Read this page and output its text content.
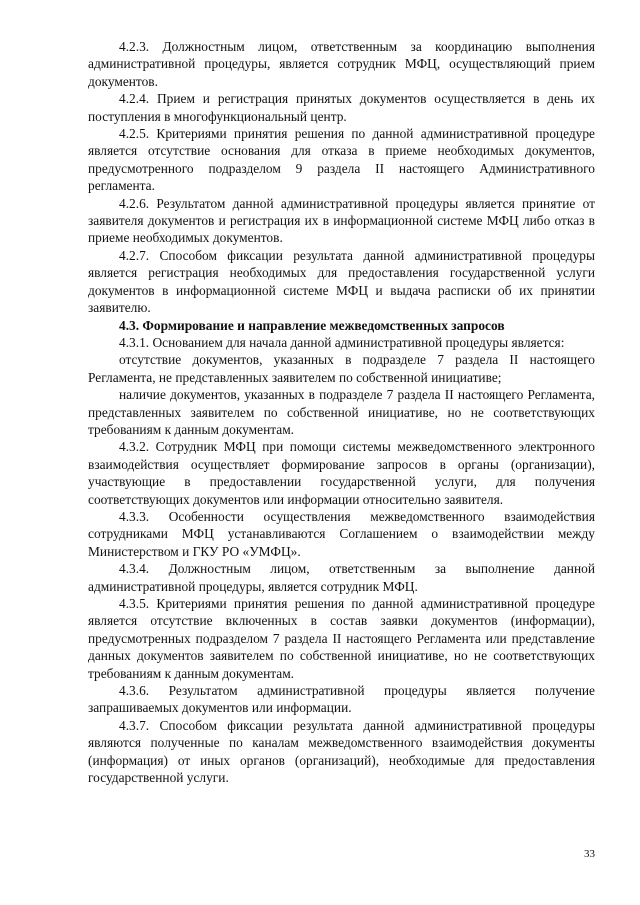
4.2.3. Должностным лицом, ответственным за координацию выполнения административной процедуры, является сотрудник МФЦ, осуществляющий прием документов.

4.2.4. Прием и регистрация принятых документов осуществляется в день их поступления в многофункциональный центр.

4.2.5. Критериями принятия решения по данной административной процедуре является отсутствие основания для отказа в приеме необходимых документов, предусмотренного подразделом 9 раздела II настоящего Административного регламента.

4.2.6. Результатом данной административной процедуры является принятие от заявителя документов и регистрация их в информационной системе МФЦ либо отказ в приеме необходимых документов.

4.2.7. Способом фиксации результата данной административной процедуры является регистрация необходимых для предоставления государственной услуги документов в информационной системе МФЦ и выдача расписки об их принятии заявителю.

4.3. Формирование и направление межведомственных запросов

4.3.1. Основанием для начала данной административной процедуры является:

отсутствие документов, указанных в подразделе 7 раздела II настоящего Регламента, не представленных заявителем по собственной инициативе;

наличие документов, указанных в подразделе 7 раздела II настоящего Регламента, представленных заявителем по собственной инициативе, но не соответствующих требованиям к данным документам.

4.3.2. Сотрудник МФЦ при помощи системы межведомственного электронного взаимодействия осуществляет формирование запросов в органы (организации), участвующие в предоставлении государственной услуги, для получения соответствующих документов или информации относительно заявителя.

4.3.3. Особенности осуществления межведомственного взаимодействия сотрудниками МФЦ устанавливаются Соглашением о взаимодействии между Министерством и ГКУ РО «УМФЦ».

4.3.4. Должностным лицом, ответственным за выполнение данной административной процедуры, является сотрудник МФЦ.

4.3.5. Критериями принятия решения по данной административной процедуре является отсутствие включенных в состав заявки документов (информации), предусмотренных подразделом 7 раздела II настоящего Регламента или представление данных документов заявителем по собственной инициативе, но не соответствующих требованиям к данным документам.

4.3.6. Результатом административной процедуры является получение запрашиваемых документов или информации.

4.3.7. Способом фиксации результата данной административной процедуры являются полученные по каналам межведомственного взаимодействия документы (информация) от иных органов (организаций), необходимые для предоставления государственной услуги.

33
